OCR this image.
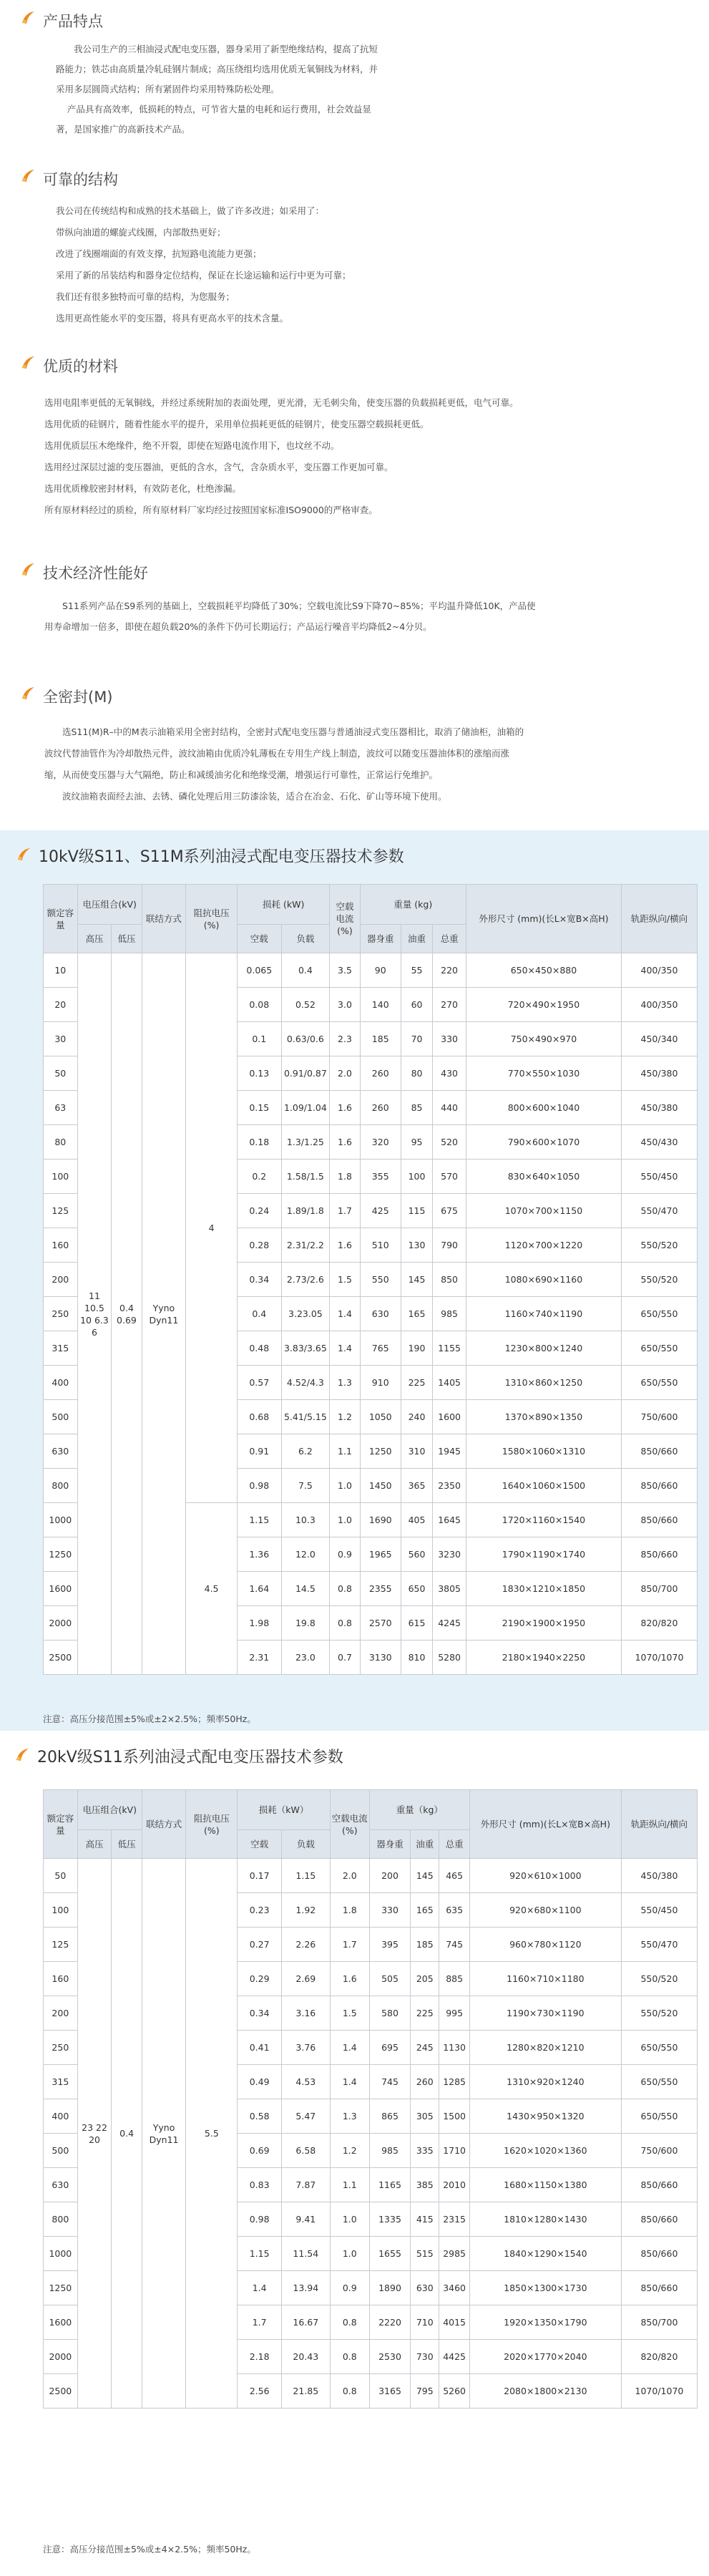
产品特点

我公司生产的三相油浸式配电变压器，器身采用了新型绝缘结构，提高了抗短

路能力；铁芯由高质量冷轧硅钢片制成；高压绕组均选用优质无氧铜线为材料，并

采用多层圆筒式结构；所有紧固件均采用特殊防松处理。

产品具有高效率，低损耗的特点，可节省大量的电耗和运行费用，社会效益显

著，是国家推广的高新技术产品。

可靠的结构

我公司在传统结构和成熟的技术基础上，做了许多改进；如采用了：

带纵向油道的螺旋式线圈，内部散热更好；

改进了线圈端面的有效支撑，抗短路电流能力更强；

采用了新的吊装结构和器身定位结构，保证在长途运输和运行中更为可靠；

我们还有很多独特而可靠的结构，为您服务；

选用更高性能水平的变压器，将具有更高水平的技术含量。

优质的材料

选用电阻率更低的无氧铜线，并经过系统附加的表面处理，更光滑，无毛刺尖角，使变压器的负载损耗更低，电气可靠。

选用优质的硅钢片，随着性能水平的提升，采用单位损耗更低的硅钢片，使变压器空载损耗更低。

选用优质层压木绝缘件，绝不开裂，即使在短路电流作用下，也坟丝不动。

选用经过深层过滤的变压器油，更低的含水，含气，含杂质水平，变压器工作更加可靠。

选用优质橡胶密封材料，有效防老化，杜绝渗漏。

所有原材料经过的质检，所有原材料厂家均经过按照国家标准ISO9000的严格审查。

技术经济性能好

S11系列产品在S9系列的基础上，空载损耗平均降低了30%；空载电流比S9下降70~85%；平均温升降低10K，产品使

用寿命增加一倍多，即使在超负载20%的条件下仍可长期运行；产品运行噪音平均降低2~4分贝。

全密封(M)

选S11(M)R–中的M表示油箱采用全密封结构，全密封式配电变压器与普通油浸式变压器相比，取消了储油柜，油箱的

波纹代替油管作为冷却散热元件，波纹油箱由优质冷轧薄板在专用生产线上制造，波纹可以随变压器油体积的涨缩而涨

缩，从而使变压器与大气隔绝，防止和减缓油劣化和绝缘受潮，增强运行可靠性，正常运行免维护。

波纹油箱表面经去油、去锈、磷化处理后用三防漆涂装，适合在冶金、石化、矿山等环境下使用。

10kV级S11、S11M系列油浸式配电变压器技术参数
额定容量	电压组合(kV)		联结方式	阻抗电压(%)	损耗 (kW)		空载电流(%)	重量 (kg)			外形尺寸 (mm)(长L×宽B×高H)	轨距纵向/横向
	高压	低压			空载	负载		器身重	油重	总重		
10	11 10.5 10 6.3 6	0.4 0.69	Yyno Dyn11	4	0.065	0.4	3.5	90	55	220	650×450×880	400/350
20					0.08	0.52	3.0	140	60	270	720×490×1950	400/350
30					0.1	0.63/0.6	2.3	185	70	330	750×490×970	450/340
50					0.13	0.91/0.87	2.0	260	80	430	770×550×1030	450/380
63					0.15	1.09/1.04	1.6	260	85	440	800×600×1040	450/380
80					0.18	1.3/1.25	1.6	320	95	520	790×600×1070	450/430
100					0.2	1.58/1.5	1.8	355	100	570	830×640×1050	550/450
125					0.24	1.89/1.8	1.7	425	115	675	1070×700×1150	550/470
160					0.28	2.31/2.2	1.6	510	130	790	1120×700×1220	550/520
200					0.34	2.73/2.6	1.5	550	145	850	1080×690×1160	550/520
250					0.4	3.23.05	1.4	630	165	985	1160×740×1190	650/550
315					0.48	3.83/3.65	1.4	765	190	1155	1230×800×1240	650/550
400					0.57	4.52/4.3	1.3	910	225	1405	1310×860×1250	650/550
500					0.68	5.41/5.15	1.2	1050	240	1600	1370×890×1350	750/600
630					0.91	6.2	1.1	1250	310	1945	1580×1060×1310	850/660
800					0.98	7.5	1.0	1450	365	2350	1640×1060×1500	850/660
1000				4.5	1.15	10.3	1.0	1690	405	1645	1720×1160×1540	850/660
1250					1.36	12.0	0.9	1965	560	3230	1790×1190×1740	850/660
1600					1.64	14.5	0.8	2355	650	3805	1830×1210×1850	850/700
2000					1.98	19.8	0.8	2570	615	4245	2190×1900×1950	820/820
2500					2.31	23.0	0.7	3130	810	5280	2180×1940×2250	1070/1070
注意：高压分接范围±5%或±2×2.5%；频率50Hz。
20kV级S11系列油浸式配电变压器技术参数
额定容量	电压组合(kV)		联结方式	阻抗电压(%)	损耗（kW）		空载电流(%)	重量（kg）			外形尺寸 (mm)(长L×宽B×高H)	轨距纵向/横向
	高压	低压			空载	负载		器身重	油重	总重		
50	23 22 20	0.4	Yyno Dyn11	5.5	0.17	1.15	2.0	200	145	465	920×610×1000	450/380
100					0.23	1.92	1.8	330	165	635	920×680×1100	550/450
125					0.27	2.26	1.7	395	185	745	960×780×1120	550/470
160					0.29	2.69	1.6	505	205	885	1160×710×1180	550/520
200					0.34	3.16	1.5	580	225	995	1190×730×1190	550/520
250					0.41	3.76	1.4	695	245	1130	1280×820×1210	650/550
315					0.49	4.53	1.4	745	260	1285	1310×920×1240	650/550
400					0.58	5.47	1.3	865	305	1500	1430×950×1320	650/550
500					0.69	6.58	1.2	985	335	1710	1620×1020×1360	750/600
630					0.83	7.87	1.1	1165	385	2010	1680×1150×1380	850/660
800					0.98	9.41	1.0	1335	415	2315	1810×1280×1430	850/660
1000					1.15	11.54	1.0	1655	515	2985	1840×1290×1540	850/660
1250					1.4	13.94	0.9	1890	630	3460	1850×1300×1730	850/660
1600					1.7	16.67	0.8	2220	710	4015	1920×1350×1790	850/700
2000					2.18	20.43	0.8	2530	730	4425	2020×1770×2040	820/820
2500					2.56	21.85	0.8	3165	795	5260	2080×1800×2130	1070/1070
注意：高压分接范围±5%或±4×2.5%；频率50Hz。
